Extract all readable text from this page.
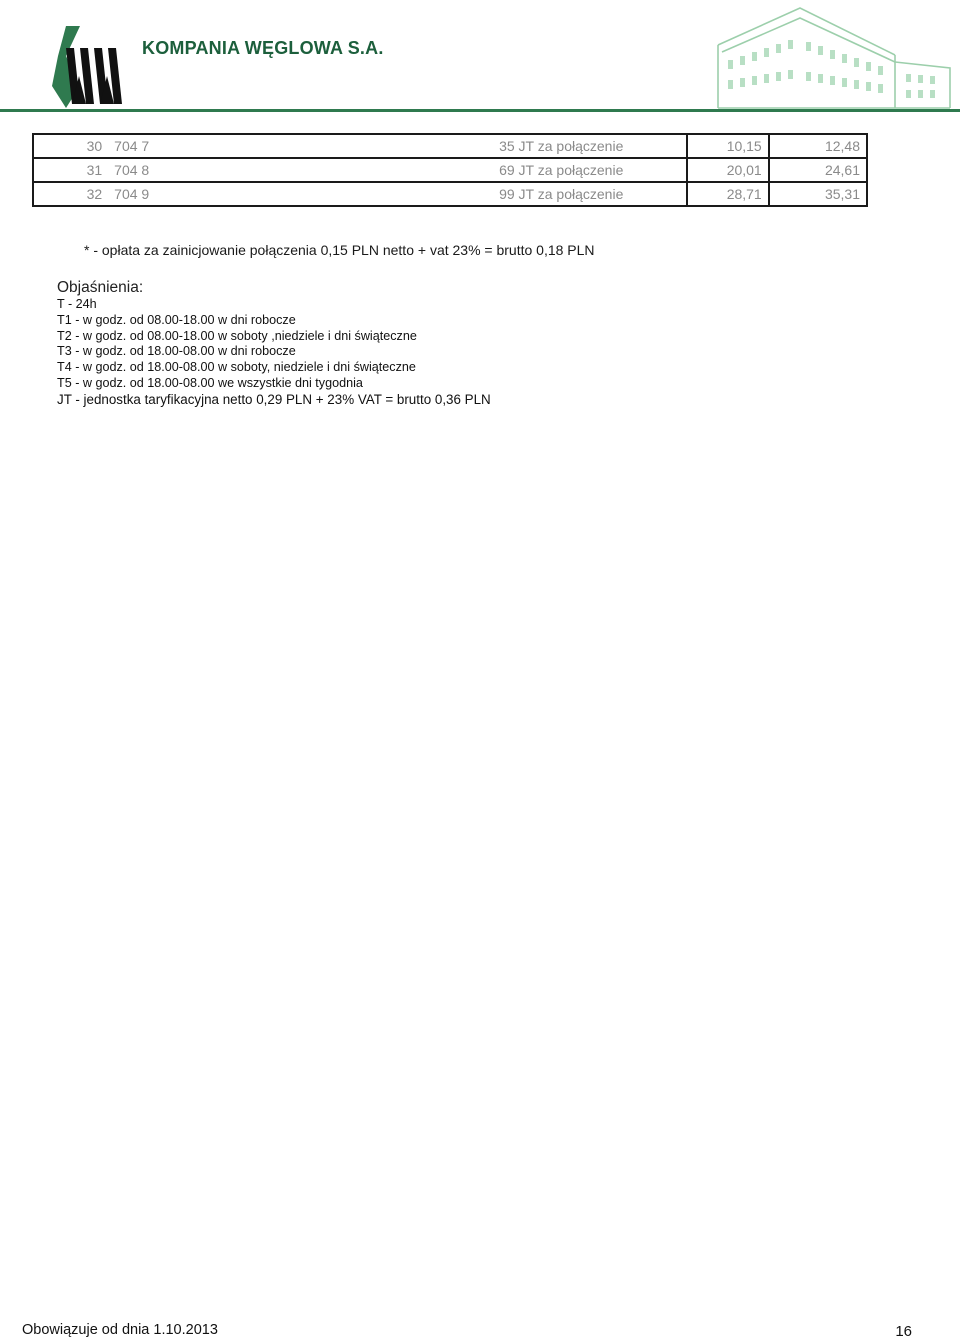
KOMPANIA WĘGLOWA S.A.
30	704 7	35 JT za połączenie	10,15	12,48
31	704 8	69 JT za połączenie	20,01	24,61
32	704 9	99 JT za połączenie	28,71	35,31
* - opłata za zainicjowanie połączenia 0,15 PLN netto + vat 23% = brutto 0,18 PLN
Objaśnienia:
T - 24h
T1 - w godz. od 08.00-18.00 w dni robocze
T2 - w godz. od 08.00-18.00 w soboty ,niedziele i dni świąteczne
T3 - w godz. od 18.00-08.00 w dni robocze
T4 - w godz. od 18.00-08.00 w soboty, niedziele i dni świąteczne
T5 - w godz. od 18.00-08.00 we wszystkie dni tygodnia
JT - jednostka taryfikacyjna netto 0,29 PLN + 23% VAT = brutto 0,36 PLN
Obowiązuje od dnia 1.10.2013	16
